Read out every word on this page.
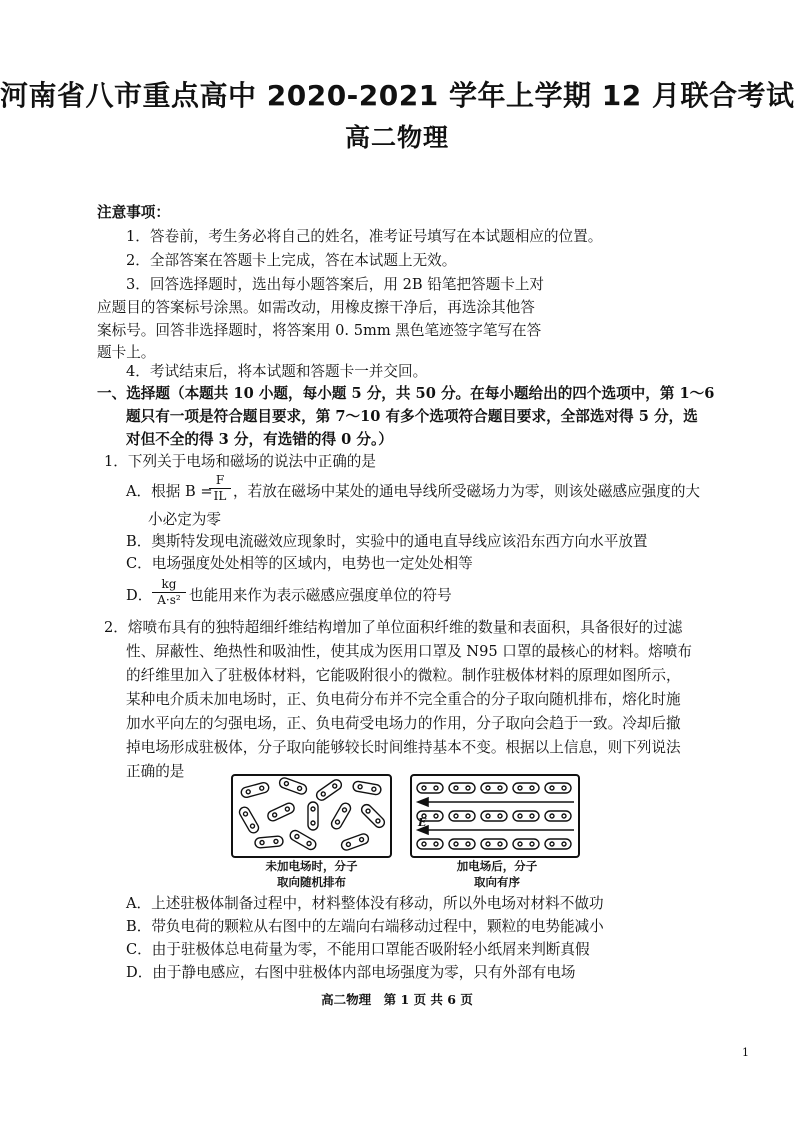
河南省八市重点高中 2020-2021 学年上学期 12 月联合考试
高二物理
注意事项：
1．答卷前，考生务必将自己的姓名，准考证号填写在本试题相应的位置。
2．全部答案在答题卡上完成，答在本试题上无效。
3．回答选择题时，选出每小题答案后，用 2B 铅笔把答题卡上对
应题目的答案标号涂黑。如需改动，用橡皮擦干净后，再选涂其他答
案标号。回答非选择题时，将答案用 0. 5mm 黑色笔迹签字笔写在答
题卡上。
4．考试结束后，将本试题和答题卡一并交回。
一、选择题（本题共 10 小题，每小题 5 分，共 50 分。在每小题给出的四个选项中，第 1～6
题只有一项是符合题目要求，第 7～10 有多个选项符合题目要求，全部选对得 5 分，选
对但不全的得 3 分，有选错的得 0 分。）
1．下列关于电场和磁场的说法中正确的是
A．根据 B =
F
IL ，若放在磁场中某处的通电导线所受磁场力为零，则该处磁感应强度的大
小必定为零
B．奥斯特发现电流磁效应现象时，实验中的通电直导线应该沿东西方向水平放置
C．电场强度处处相等的区域内，电势也一定处处相等
D．
kg
A·s² 也能用来作为表示磁感应强度单位的符号
2．熔喷布具有的独特超细纤维结构增加了单位面积纤维的数量和表面积，具备很好的过滤
性、屏蔽性、绝热性和吸油性，使其成为医用口罩及 N95 口罩的最核心的材料。熔喷布
的纤维里加入了驻极体材料，它能吸附很小的微粒。制作驻极体材料的原理如图所示，
某种电介质未加电场时，正、负电荷分布并不完全重合的分子取向随机排布，熔化时施
加水平向左的匀强电场，正、负电荷受电场力的作用，分子取向会趋于一致。冷却后撤
掉电场形成驻极体，分子取向能够较长时间维持基本不变。根据以上信息，则下列说法
正确的是
未加电场时，分子
取向随机排布
E
加电场后，分子
取向有序
A．上述驻极体制备过程中，材料整体没有移动，所以外电场对材料不做功
B．带负电荷的颗粒从右图中的左端向右端移动过程中，颗粒的电势能减小
C．由于驻极体总电荷量为零，不能用口罩能否吸附轻小纸屑来判断真假
D．由于静电感应，右图中驻极体内部电场强度为零，只有外部有电场
高二物理　第 1 页 共 6 页
1
